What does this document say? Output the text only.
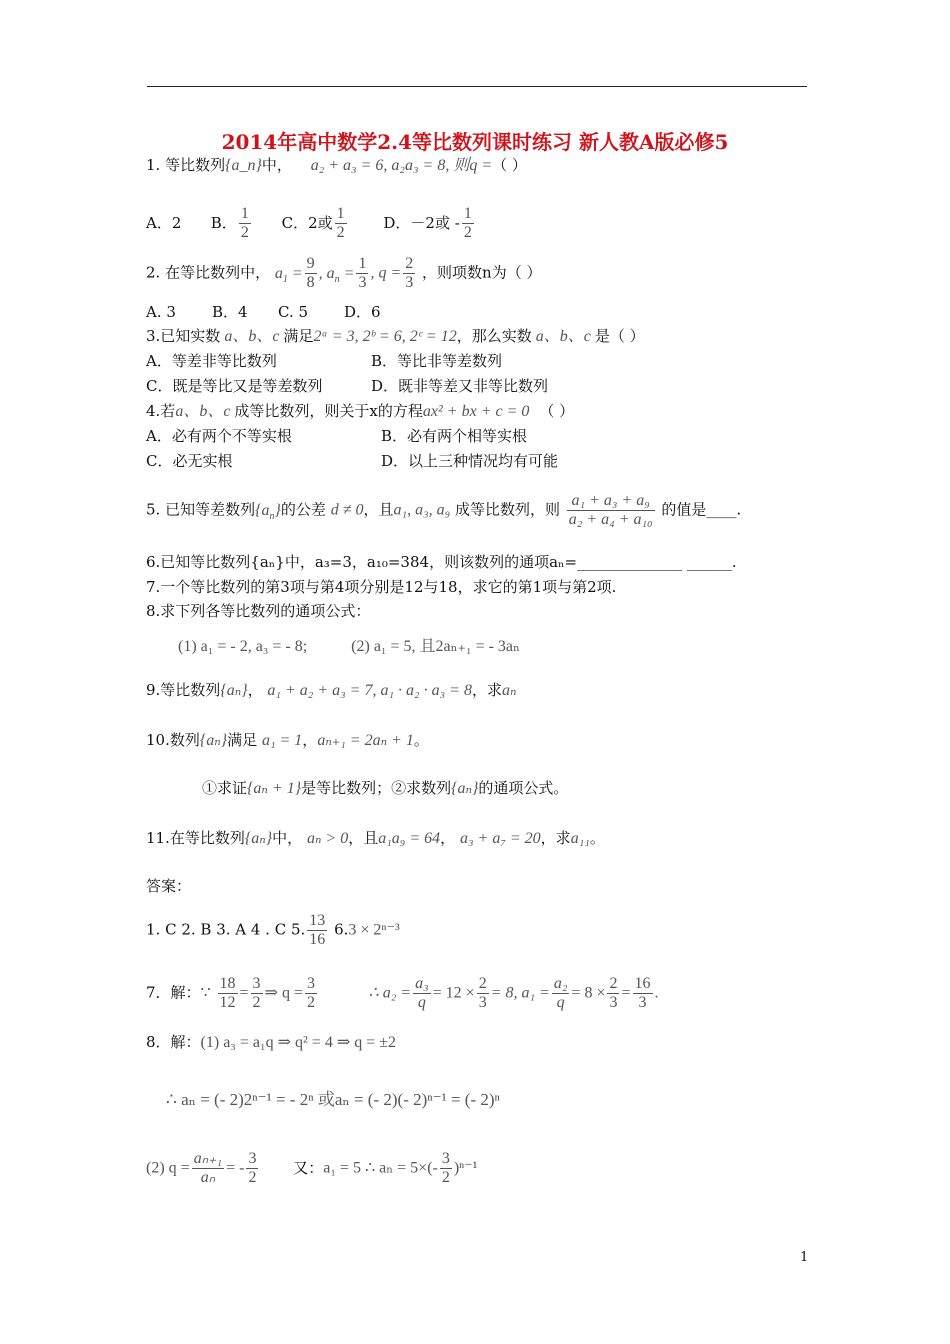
2014年高中数学2.4等比数列课时练习 新人教A版必修5
1. 等比数列{a_n}中， a₂ + a₃ = 6, a₂a₃ = 8, 则q =（ ）
A．2 B． $\frac{1}{2}$ C．2或 $\frac{1}{2}$ D．－2或 - $\frac{1}{2}$
2. 在等比数列中， $a_1 = \frac{9}{8}$ , $a_n = \frac{1}{3}$ , $q = \frac{2}{3}$ ，则项数n为（ ）
A. 3 B．4 C. 5 D．6
3.已知实数 a、b、c 满足2ᵃ = 3, 2ᵇ = 6, 2ᶜ = 12，那么实数 a、b、c 是（ ）
A．等差非等比数列	B．等比非等差数列
C．既是等比又是等差数列	D．既非等差又非等比数列
4.若a、b、c 成等比数列，则关于x的方程ax² + bx + c = 0 （ ）
A．必有两个不等实根	B．必有两个相等实根
C．必无实根	D．以上三种情况均有可能
5. 已知等差数列$\{a_n\}$的公差 d ≠ 0，且a₁, a₃, a₉ 成等比数列，则 $\frac{\text{a₁ + a₃ + a₉}}{\text{a₂ + a₄ + a₁₀}}$ 的值是____.
6.已知等比数列{aₙ}中，a₃=3，a₁₀=384，则该数列的通项aₙ=______________ ______.
7.一个等比数列的第3项与第4项分别是12与18，求它的第1项与第2项.
8.求下列各等比数列的通项公式：
(1) a₁ = - 2, a₃ = - 8;	(2) a₁ = 5, 且2aₙ₊₁ = - 3aₙ
9.等比数列{aₙ}， a₁ + a₂ + a₃ = 7, a₁ · a₂ · a₃ = 8，求aₙ
10.数列{aₙ}满足 a₁ = 1，aₙ₊₁ = 2aₙ + 1。
①求证{aₙ + 1}是等比数列；②求数列{aₙ}的通项公式。
11.在等比数列{aₙ}中， aₙ > 0，且a₁a₉ = 64， a₃ + a₇ = 20，求a₁₁。
答案：
1. C 2. B 3. A 4 . C 5. $\frac{13}{16} 6.3 \times 2^{n-3}$
7．解：∵ $\frac{18}{12} = \frac{3}{2}$ ⇒ $q = \frac{3}{2}$	∴ $a_2 = \frac{\text{a₃}}{q} = 12 \times \frac{2}{3} = 8$, $a_1 = \frac{\text{a₂}}{q} = 8 \times \frac{2}{3} = \frac{16}{3}$ .
8．解：(1) a₃ = a₁q ⇒ q² = 4 ⇒ q = ±2
∴ aₙ = (- 2)2ⁿ⁻¹ = - 2ⁿ 或aₙ = (- 2)(- 2)ⁿ⁻¹ = (- 2)ⁿ
(2) $q = \frac{\text{aₙ₊₁}}{\text{aₙ}}$ = - $\frac{3}{2}$ 又：a₁ = 5 ∴ $a_n = 5\times(- \frac{3}{2} )^{n-1}$
1
